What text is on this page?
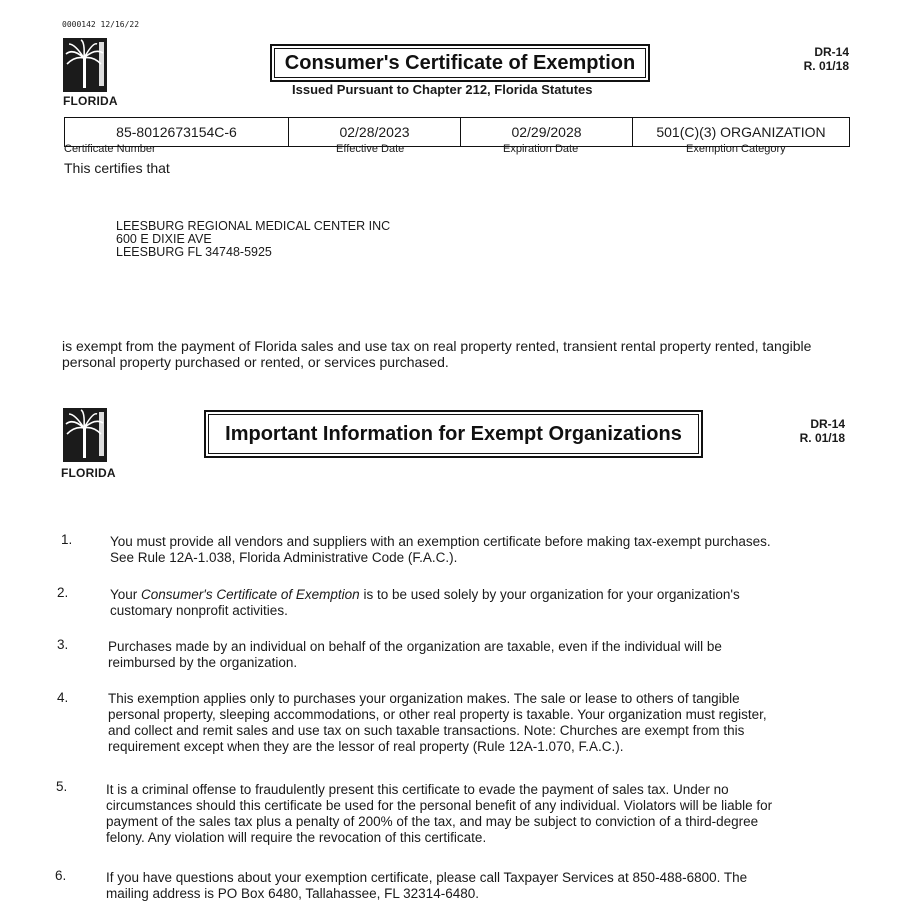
0000142 12/16/22
FLORIDA
Consumer's Certificate of Exemption
Issued Pursuant to Chapter 212, Florida Statutes
DR-14
R. 01/18
85-8012673154C-6	02/28/2023	02/29/2028	501(C)(3) ORGANIZATION
Certificate Number	Effective Date	Expiration Date	Exemption Category
This certifies that
LEESBURG REGIONAL MEDICAL CENTER INC
600 E DIXIE AVE
LEESBURG FL 34748-5925
is exempt from the payment of Florida sales and use tax on real property rented, transient rental property rented, tangible
personal property purchased or rented, or services purchased.
FLORIDA
Important Information for Exempt Organizations	DR-14
R. 01/18
1.	You must provide all vendors and suppliers with an exemption certificate before making tax-exempt purchases.
See Rule 12A-1.038, Florida Administrative Code (F.A.C.).
2.	Your Consumer's Certificate of Exemption is to be used solely by your organization for your organization's
customary nonprofit activities.
3.	Purchases made by an individual on behalf of the organization are taxable, even if the individual will be
reimbursed by the organization.
4.	This exemption applies only to purchases your organization makes. The sale or lease to others of tangible
personal property, sleeping accommodations, or other real property is taxable. Your organization must register,
and collect and remit sales and use tax on such taxable transactions. Note: Churches are exempt from this
requirement except when they are the lessor of real property (Rule 12A-1.070, F.A.C.).
5.	It is a criminal offense to fraudulently present this certificate to evade the payment of sales tax. Under no
circumstances should this certificate be used for the personal benefit of any individual. Violators will be liable for
payment of the sales tax plus a penalty of 200% of the tax, and may be subject to conviction of a third-degree
felony. Any violation will require the revocation of this certificate.
6.	If you have questions about your exemption certificate, please call Taxpayer Services at 850-488-6800. The
mailing address is PO Box 6480, Tallahassee, FL 32314-6480.
